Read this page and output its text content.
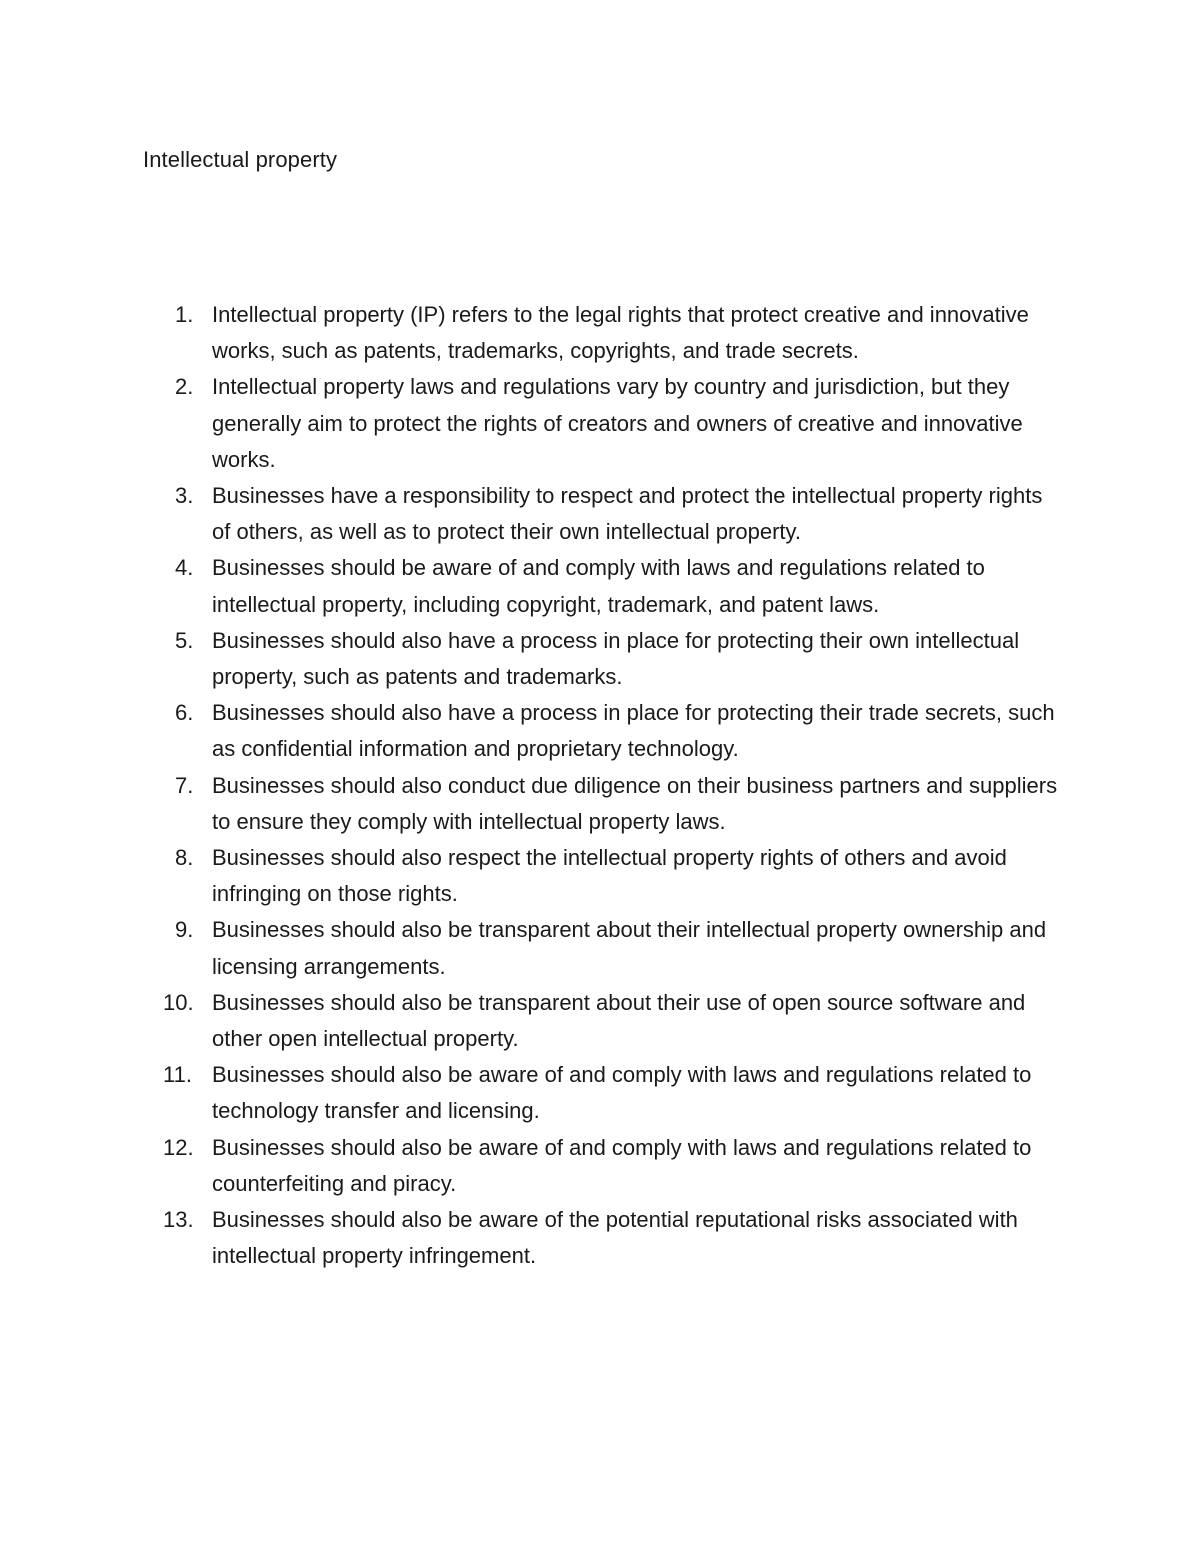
Intellectual property
1. Intellectual property (IP) refers to the legal rights that protect creative and innovative works, such as patents, trademarks, copyrights, and trade secrets.
2. Intellectual property laws and regulations vary by country and jurisdiction, but they generally aim to protect the rights of creators and owners of creative and innovative works.
3. Businesses have a responsibility to respect and protect the intellectual property rights of others, as well as to protect their own intellectual property.
4. Businesses should be aware of and comply with laws and regulations related to intellectual property, including copyright, trademark, and patent laws.
5. Businesses should also have a process in place for protecting their own intellectual property, such as patents and trademarks.
6. Businesses should also have a process in place for protecting their trade secrets, such as confidential information and proprietary technology.
7. Businesses should also conduct due diligence on their business partners and suppliers to ensure they comply with intellectual property laws.
8. Businesses should also respect the intellectual property rights of others and avoid infringing on those rights.
9. Businesses should also be transparent about their intellectual property ownership and licensing arrangements.
10. Businesses should also be transparent about their use of open source software and other open intellectual property.
11. Businesses should also be aware of and comply with laws and regulations related to technology transfer and licensing.
12. Businesses should also be aware of and comply with laws and regulations related to counterfeiting and piracy.
13. Businesses should also be aware of the potential reputational risks associated with intellectual property infringement.
